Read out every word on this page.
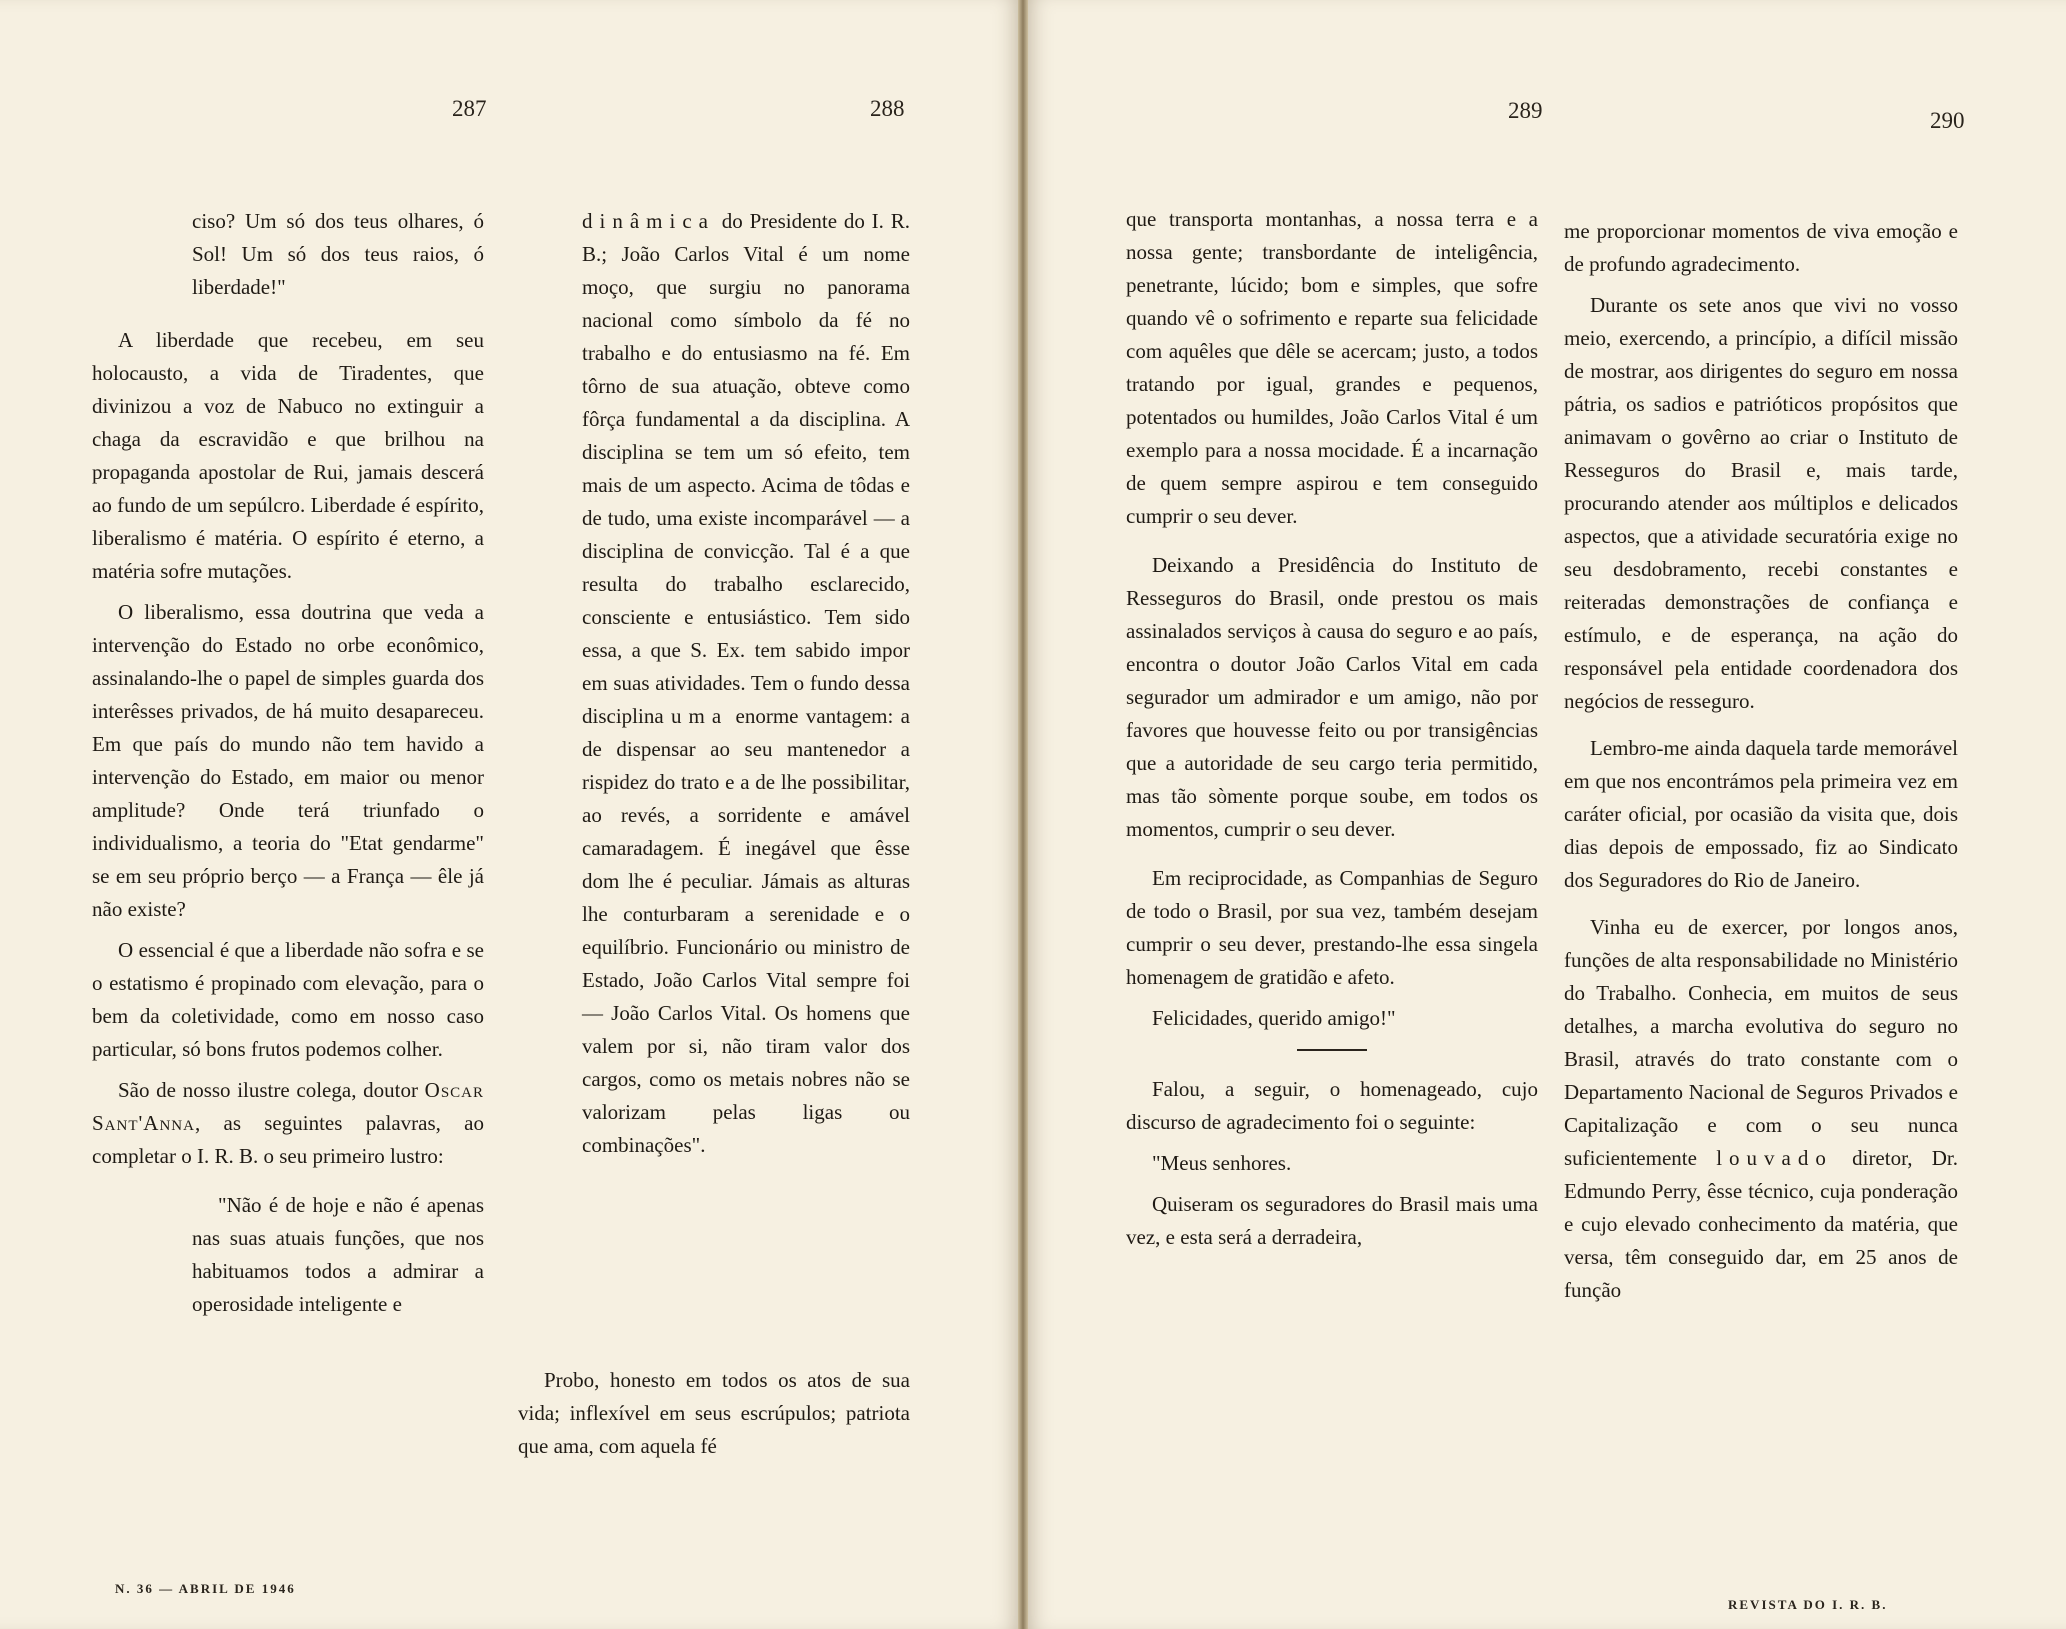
287	288	289	290

ciso? Um só dos teus olhares, ó Sol! Um só dos teus raios, ó liberdade!"

A liberdade que recebeu, em seu holocausto, a vida de Tiradentes, que divinizou a voz de Nabuco no extinguir a chaga da escravidão e que brilhou na propaganda apostolar de Rui, jamais descerá ao fundo de um sepúlcro. Liberdade é espírito, liberalismo é matéria. O espírito é eterno, a matéria sofre mutações.

O liberalismo, essa doutrina que veda a intervenção do Estado no orbe econômico, assinalando-lhe o papel de simples guarda dos interêsses privados, de há muito desapareceu. Em que país do mundo não tem havido a intervenção do Estado, em maior ou menor amplitude? Onde terá triunfado o individualismo, a teoria do "Etat gendarme" se em seu próprio berço — a França — êle já não existe?

O essencial é que a liberdade não sofra e se o estatismo é propinado com elevação, para o bem da coletividade, como em nosso caso particular, só bons frutos podemos colher.

São de nosso ilustre colega, doutor Oscar Sant'Anna, as seguintes palavras, ao completar o I. R. B. o seu primeiro lustro:

"Não é de hoje e não é apenas nas suas atuais funções, que nos habituamos todos a admirar a operosidade inteligente e

dinâmica do Presidente do I. R. B.; João Carlos Vital é um nome moço, que surgiu no panorama nacional como símbolo da fé no trabalho e do entusiasmo na fé. Em tôrno de sua atuação, obteve como fôrça fundamental a da disciplina. A disciplina se tem um só efeito, tem mais de um aspecto. Acima de tôdas e de tudo, uma existe incomparável — a disciplina de convicção. Tal é a que resulta do trabalho esclarecido, consciente e entusiástico. Tem sido essa, a que S. Ex. tem sabido impor em suas atividades. Tem o fundo dessa disciplina uma enorme vantagem: a de dispensar ao seu mantenedor a rispidez do trato e a de lhe possibilitar, ao revés, a sorridente e amável camaradagem. É inegável que êsse dom lhe é peculiar. Jámais as alturas lhe conturbaram a serenidade e o equilíbrio. Funcionário ou ministro de Estado, João Carlos Vital sempre foi — João Carlos Vital. Os homens que valem por si, não tiram valor dos cargos, como os metais nobres não se valorizam pelas ligas ou combinações".

Probo, honesto em todos os atos de sua vida; inflexível em seus escrúpulos; patriota que ama, com aquela fé

que transporta montanhas, a nossa terra e a nossa gente; transbordante de inteligência, penetrante, lúcido; bom e simples, que sofre quando vê o sofrimento e reparte sua felicidade com aquêles que dêle se acercam; justo, a todos tratando por igual, grandes e pequenos, potentados ou humildes, João Carlos Vital é um exemplo para a nossa mocidade. É a incarnação de quem sempre aspirou e tem conseguido cumprir o seu dever.

Deixando a Presidência do Instituto de Resseguros do Brasil, onde prestou os mais assinalados serviços à causa do seguro e ao país, encontra o doutor João Carlos Vital em cada segurador um admirador e um amigo, não por favores que houvesse feito ou por transigências que a autoridade de seu cargo teria permitido, mas tão sòmente porque soube, em todos os momentos, cumprir o seu dever.

Em reciprocidade, as Companhias de Seguro de todo o Brasil, por sua vez, também desejam cumprir o seu dever, prestando-lhe essa singela homenagem de gratidão e afeto.

Felicidades, querido amigo!"

Falou, a seguir, o homenageado, cujo discurso de agradecimento foi o seguinte:

"Meus senhores.

Quiseram os seguradores do Brasil mais uma vez, e esta será a derradeira,

me proporcionar momentos de viva emoção e de profundo agradecimento.

Durante os sete anos que vivi no vosso meio, exercendo, a princípio, a difícil missão de mostrar, aos dirigentes do seguro em nossa pátria, os sadios e patrióticos propósitos que animavam o govêrno ao criar o Instituto de Resseguros do Brasil e, mais tarde, procurando atender aos múltiplos e delicados aspectos, que a atividade securatória exige no seu desdobramento, recebi constantes e reiteradas demonstrações de confiança e estímulo, e de esperança, na ação do responsável pela entidade coordenadora dos negócios de resseguro.

Lembro-me ainda daquela tarde memorável em que nos encontrámos pela primeira vez em caráter oficial, por ocasião da visita que, dois dias depois de empossado, fiz ao Sindicato dos Seguradores do Rio de Janeiro.

Vinha eu de exercer, por longos anos, funções de alta responsabilidade no Ministério do Trabalho. Conhecia, em muitos de seus detalhes, a marcha evolutiva do seguro no Brasil, através do trato constante com o Departamento Nacional de Seguros Privados e Capitalização e com o seu nunca suficientemente louvado diretor, Dr. Edmundo Perry, êsse técnico, cuja ponderação e cujo elevado conhecimento da matéria, que versa, têm conseguido dar, em 25 anos de função

N. 36 — ABRIL DE 1946
REVISTA DO I. R. B.
